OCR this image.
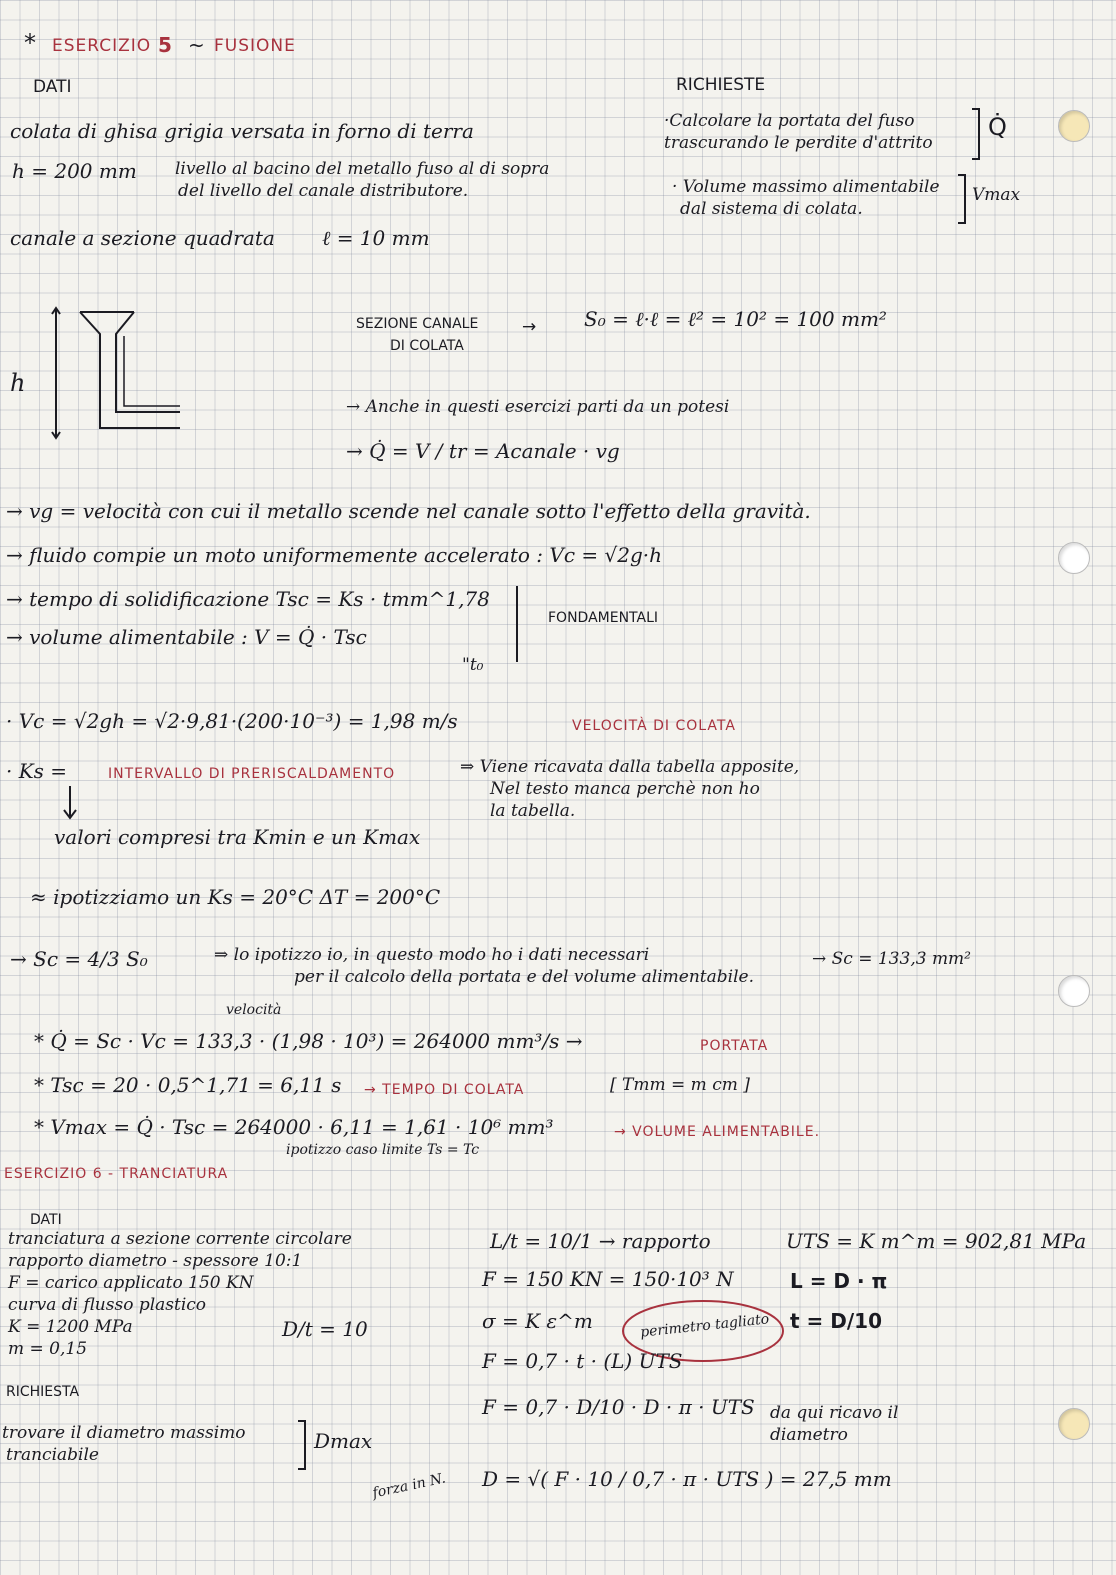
* ESERCIZIO 5 ~ FUSIONE
DATI	RICHIESTE
colata di ghisa grigia versata in forno di terra
h = 200 mm livello al bacino del metallo fuso al di sopra
del livello del canale distributore.
canale a sezione quadrata ℓ = 10 mm
·Calcolare la portata del fuso
trascurando le perdite d'attrito
Q̇
· Volume massimo alimentabile
dal sistema di colata.
Vmax
h
SEZIONE CANALE
DI COLATA
→ S₀ = ℓ·ℓ = ℓ² = 10² = 100 mm²
→ Anche in questi esercizi parti da un potesi
→ Q̇ = V / tr = Acanale · vg
→ vg = velocità con cui il metallo scende nel canale sotto l'effetto della gravità.
→ fluido compie un moto uniformemente accelerato : Vc = √2g·h
→ tempo di solidificazione Tsc = Ks · tmm^1,78
→ volume alimentabile : V = Q̇ · Tsc
"t₀
FONDAMENTALI
· Vc = √2gh = √2·9,81·(200·10⁻³) = 1,98 m/s	VELOCITÀ DI COLATA
· Ks =	INTERVALLO DI PRERISCALDAMENTO	⇒ Viene ricavata dalla tabella apposite,
Nel testo manca perchè non ho
la tabella.
valori compresi tra Kmin e un Kmax
≈ ipotizziamo un Ks = 20°C ΔT = 200°C
→ Sc = 4/3 S₀	⇒ lo ipotizzo io, in questo modo ho i dati necessari
per il calcolo della portata e del volume alimentabile.
→ Sc = 133,3 mm²
velocità
* Q̇ = Sc · Vc = 133,3 · (1,98 · 10³) = 264000 mm³/s →	PORTATA
* Tsc = 20 · 0,5^1,71 = 6,11 s → TEMPO DI COLATA	[ Tmm = m cm ]
* Vmax = Q̇ · Tsc = 264000 · 6,11 = 1,61 · 10⁶ mm³	→ VOLUME ALIMENTABILE.
ipotizzo caso limite Ts = Tc
ESERCIZIO 6 - TRANCIATURA
DATI
tranciatura a sezione corrente circolare
rapporto diametro - spessore 10:1
F = carico applicato 150 KN
curva di flusso plastico
K = 1200 MPa
m = 0,15
D/t = 10
RICHIESTA
trovare il diametro massimo
tranciabile
Dmax
L/t = 10/1 → rapporto
F = 150 KN = 150·10³ N
σ = K ε^m	perimetro tagliato
F = 0,7 · t · (L) UTS
F = 0,7 · D/10 · D · π · UTS da qui ricavo il
diametro
D = √( F · 10 / 0,7 · π · UTS ) = 27,5 mm
forza in N.
UTS = K m^m = 902,81 MPa
L = D · π
t = D/10
